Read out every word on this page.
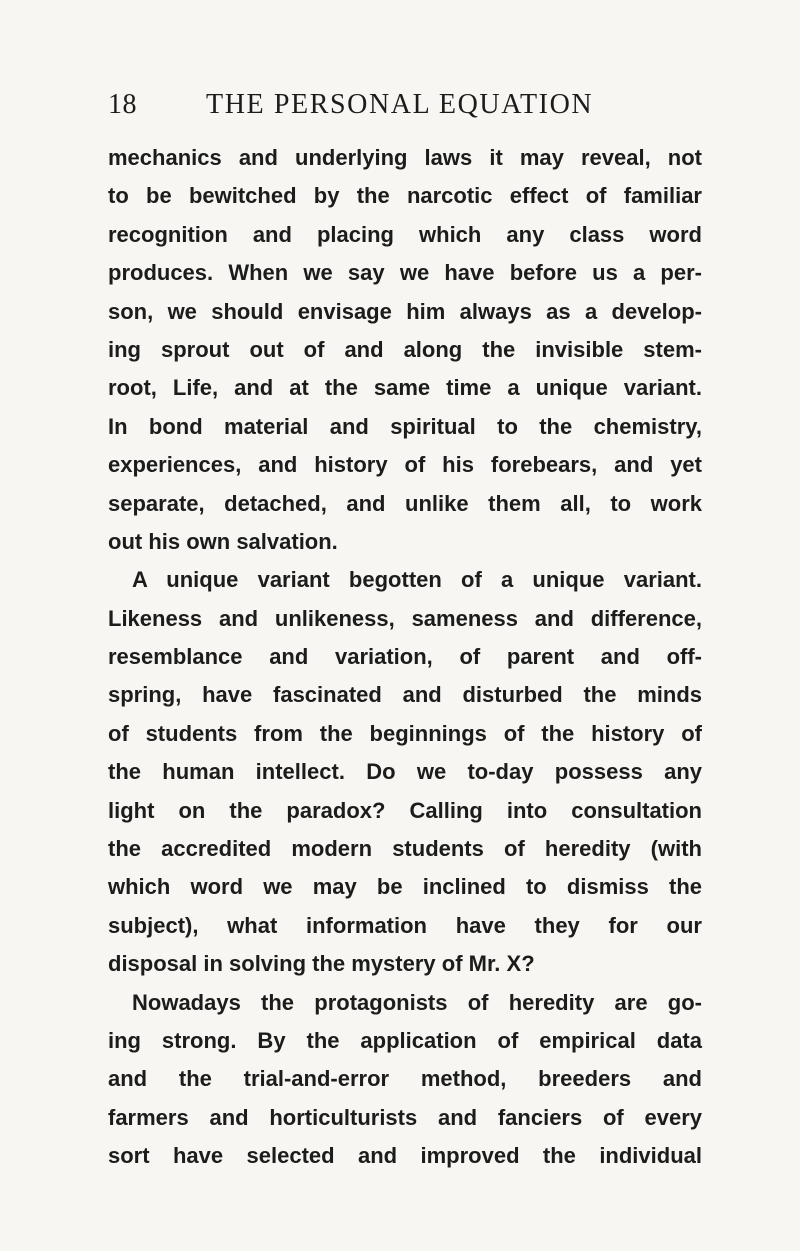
18 THE PERSONAL EQUATION
mechanics and underlying laws it may reveal, not
to be bewitched by the narcotic effect of familiar
recognition and placing which any class word
produces. When we say we have before us a per-
son, we should envisage him always as a develop-
ing sprout out of and along the invisible stem-
root, Life, and at the same time a unique variant.
In bond material and spiritual to the chemistry,
experiences, and history of his forebears, and yet
separate, detached, and unlike them all, to work
out his own salvation.
A unique variant begotten of a unique variant.
Likeness and unlikeness, sameness and difference,
resemblance and variation, of parent and off-
spring, have fascinated and disturbed the minds
of students from the beginnings of the history of
the human intellect. Do we to-day possess any
light on the paradox? Calling into consultation
the accredited modern students of heredity (with
which word we may be inclined to dismiss the
subject), what information have they for our
disposal in solving the mystery of Mr. X?
Nowadays the protagonists of heredity are go-
ing strong. By the application of empirical data
and the trial-and-error method, breeders and
farmers and horticulturists and fanciers of every
sort have selected and improved the individual
